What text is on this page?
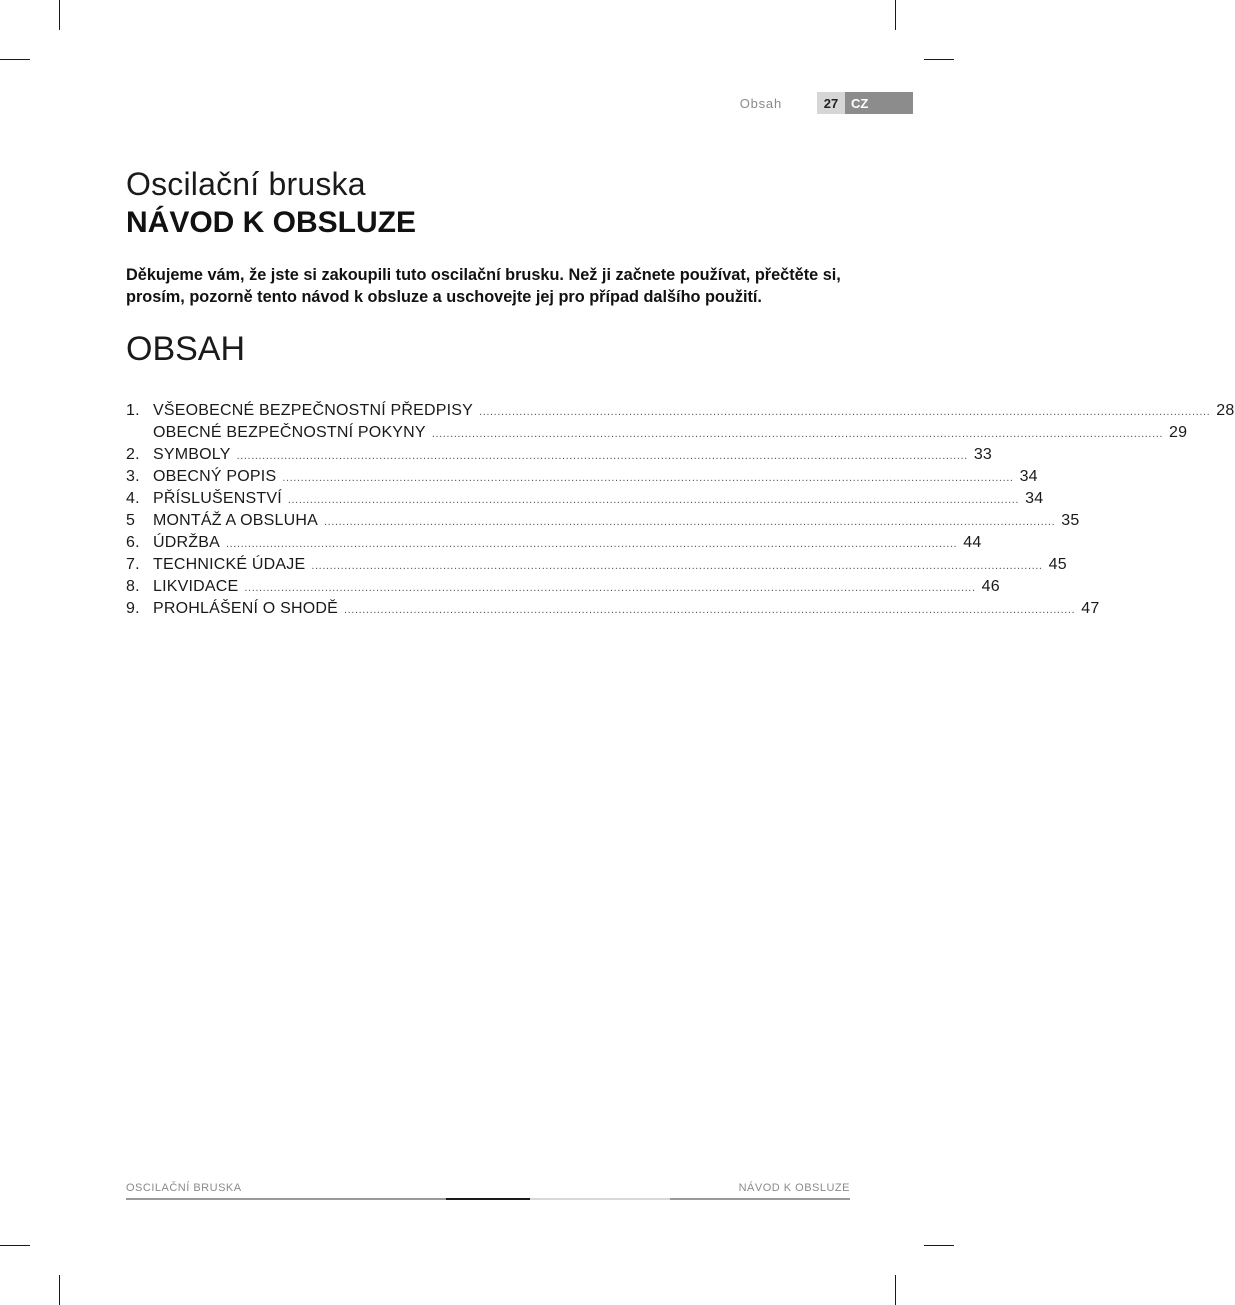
Obsah	27 CZ
Oscilační bruska
NÁVOD K OBSLUZE

Děkujeme vám, že jste si zakoupili tuto oscilační brusku. Než ji začnete používat, přečtěte si, prosím, pozorně tento návod k obsluze a uschovejte jej pro případ dalšího použití.

OBSAH
1. VŠEOBECNÉ BEZPEČNOSTNÍ PŘEDPISY ........................................................................................................................................................................................................ 28
OBECNÉ BEZPEČNOSTNÍ POKYNY ........................................................................................................................................................................................................ 29
2. SYMBOLY ........................................................................................................................................................................................................ 33
3. OBECNÝ POPIS ........................................................................................................................................................................................................ 34
4. PŘÍSLUŠENSTVÍ ........................................................................................................................................................................................................ 34
5	MONTÁŽ A OBSLUHA ........................................................................................................................................................................................................ 35
6. ÚDRŽBA ........................................................................................................................................................................................................ 44
7. TECHNICKÉ ÚDAJE ........................................................................................................................................................................................................ 45
8. LIKVIDACE ........................................................................................................................................................................................................ 46
9. PROHLÁŠENÍ O SHODĚ ........................................................................................................................................................................................................ 47
OSCILAČNÍ BRUSKA	NÁVOD K OBSLUZE
